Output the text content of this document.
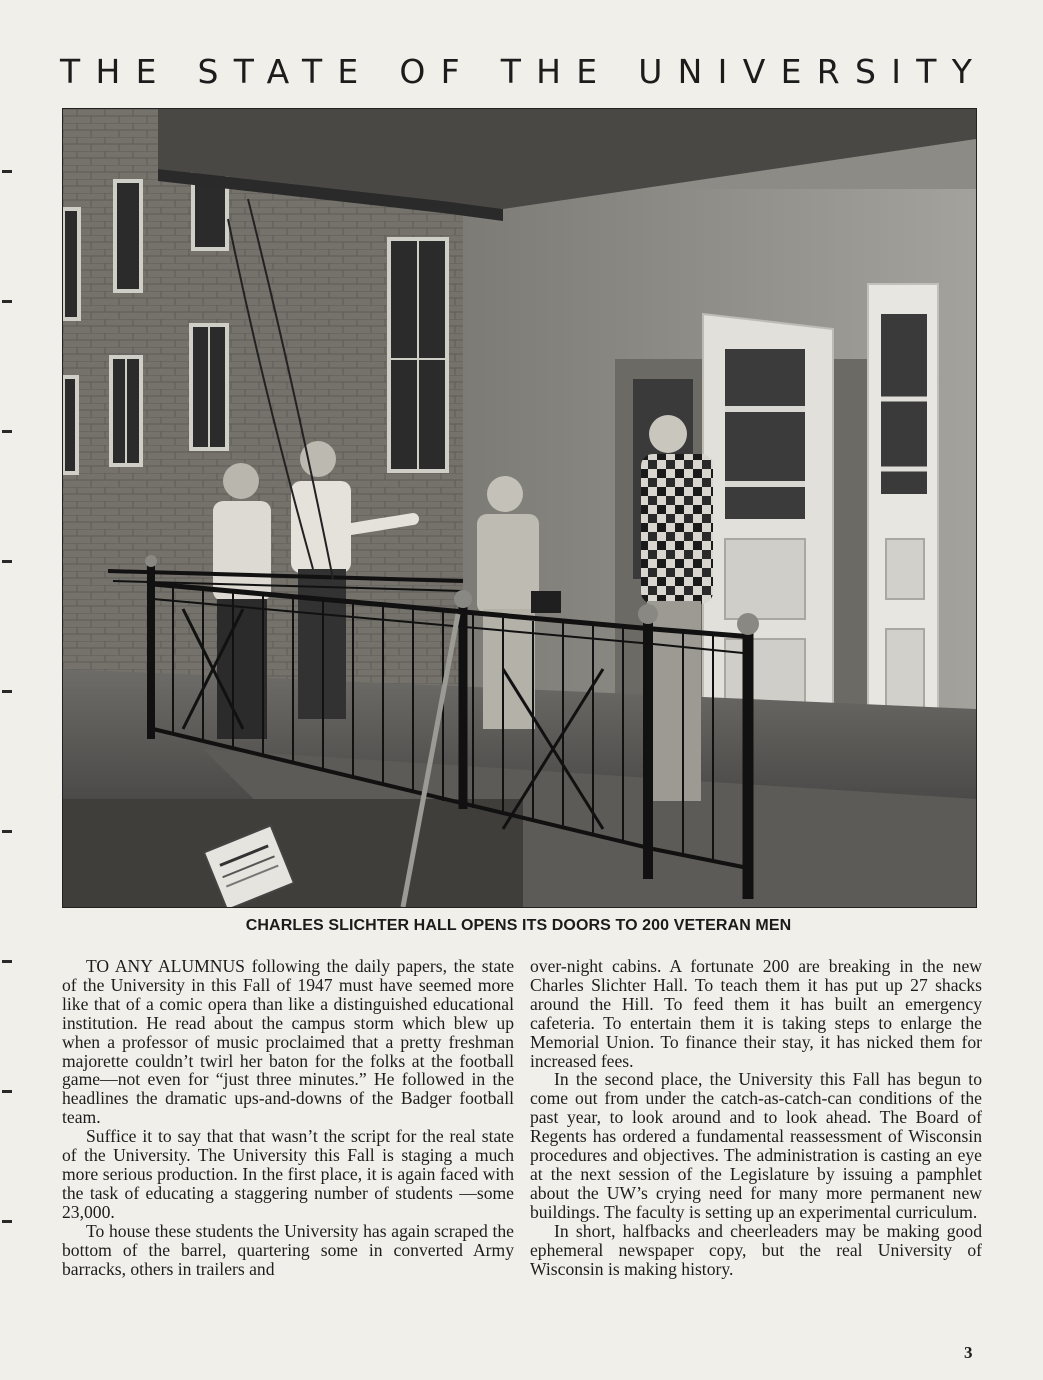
THE STATE OF THE UNIVERSITY
CHARLES SLICHTER HALL OPENS ITS DOORS TO 200 VETERAN MEN

TO ANY ALUMNUS following the daily papers, the state of the University in this Fall of 1947 must have seemed more like that of a comic opera than like a distinguished educational institution. He read about the campus storm which blew up when a professor of music proclaimed that a pretty freshman majorette couldn’t twirl her baton for the folks at the football game—not even for “just three minutes.” He followed in the headlines the dramatic ups-and-downs of the Badger football team.

Suffice it to say that that wasn’t the script for the real state of the University. The University this Fall is staging a much more serious production. In the first place, it is again faced with the task of educating a staggering number of students —some 23,000.

To house these students the University has again scraped the bottom of the barrel, quartering some in converted Army barracks, others in trailers and

over-night cabins. A fortunate 200 are breaking in the new Charles Slichter Hall. To teach them it has put up 27 shacks around the Hill. To feed them it has built an emergency cafeteria. To entertain them it is taking steps to enlarge the Memorial Union. To finance their stay, it has nicked them for increased fees.

In the second place, the University this Fall has begun to come out from under the catch-as-catch-can conditions of the past year, to look around and to look ahead. The Board of Regents has ordered a fundamental reassessment of Wisconsin procedures and objectives. The administration is casting an eye at the next session of the Legislature by issuing a pamphlet about the UW’s crying need for many more permanent new buildings. The faculty is setting up an experimental curriculum.

In short, halfbacks and cheerleaders may be making good ephemeral newspaper copy, but the real University of Wisconsin is making history.

3
